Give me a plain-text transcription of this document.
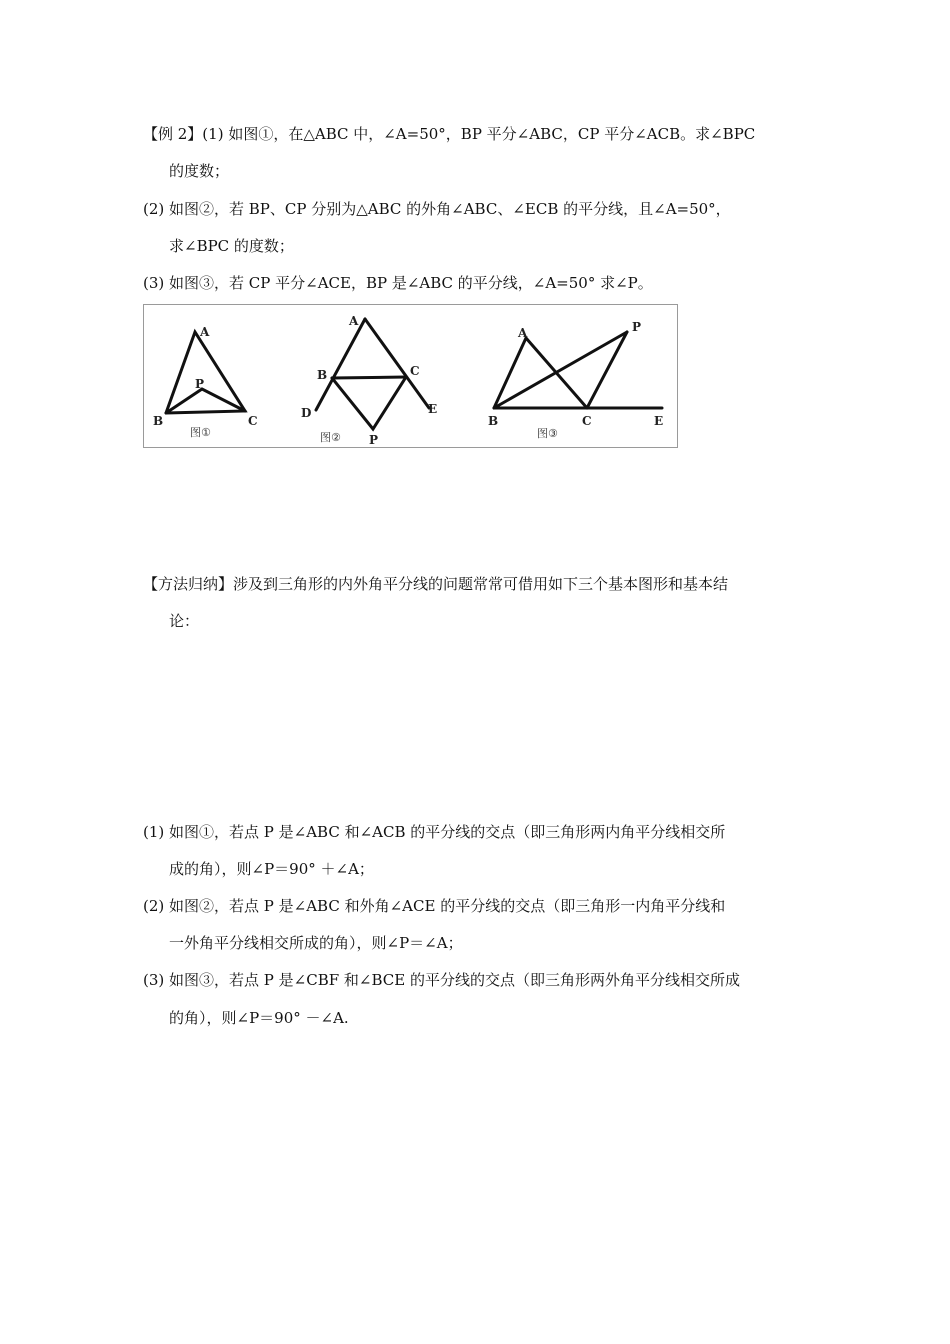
【例 2】(1) 如图①，在△ABC 中，∠A=50°，BP 平分∠ABC，CP 平分∠ACB。求∠BPC
的度数；
(2) 如图②，若 BP、CP 分别为△ABC 的外角∠ABC、∠ECB 的平分线，且∠A=50°，
求∠BPC 的度数；
(3) 如图③，若 CP 平分∠ACE，BP 是∠ABC 的平分线，∠A=50° 求∠P。
A
B	C
P
图①
A
B	C
D	E
P
图②
A
B	C	E
P
图③
【方法归纳】涉及到三角形的内外角平分线的问题常常可借用如下三个基本图形和基本结
论：
(1) 如图①，若点 P 是∠ABC 和∠ACB 的平分线的交点（即三角形两内角平分线相交所
成的角），则∠P＝90° ＋∠A；
(2) 如图②，若点 P 是∠ABC 和外角∠ACE 的平分线的交点（即三角形一内角平分线和
一外角平分线相交所成的角），则∠P＝∠A；
(3) 如图③，若点 P 是∠CBF 和∠BCE 的平分线的交点（即三角形两外角平分线相交所成
的角），则∠P＝90° －∠A.
